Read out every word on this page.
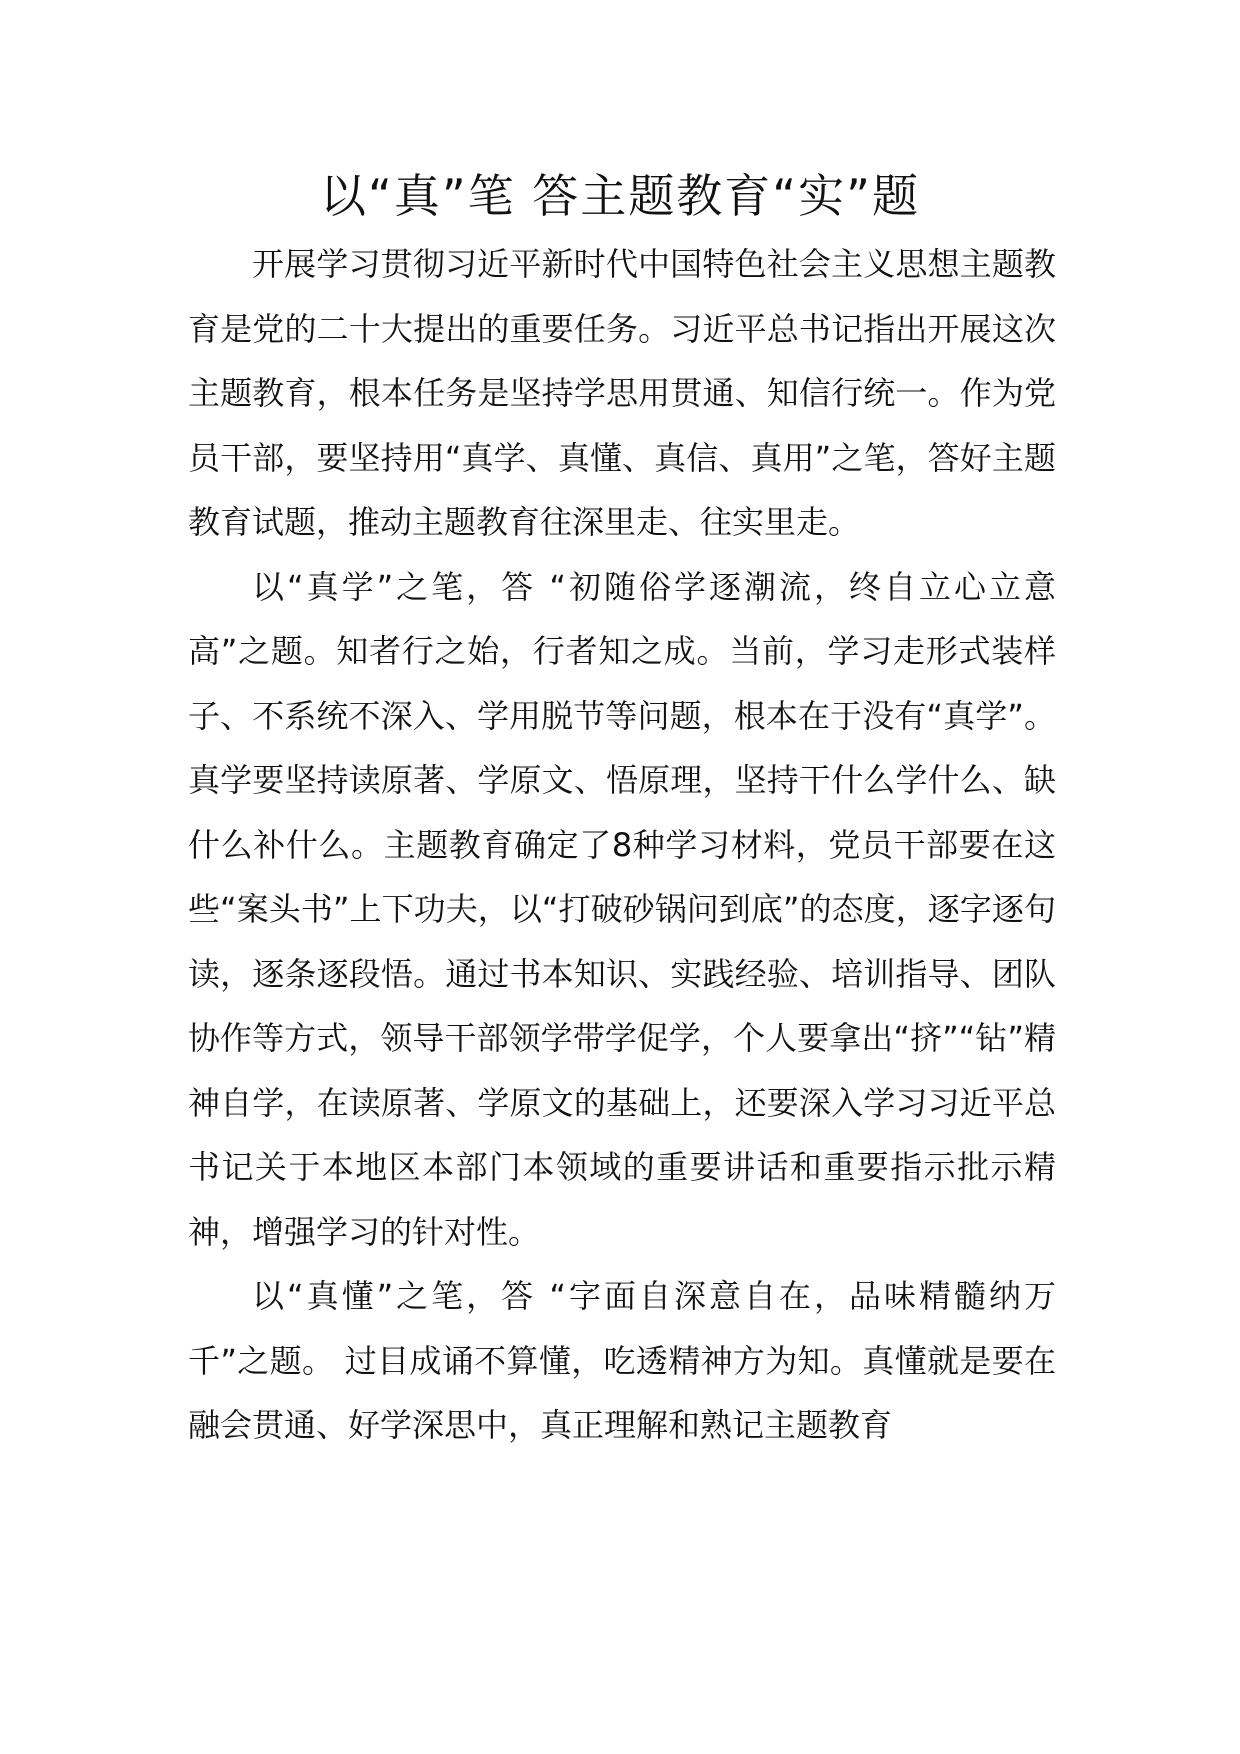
以“真”笔 答主题教育“实”题

开展学习贯彻习近平新时代中国特色社会主义思想主题教育是党的二十大提出的重要任务。习近平总书记指出开展这次主题教育，根本任务是坚持学思用贯通、知信行统一。作为党员干部，要坚持用“真学、真懂、真信、真用”之笔，答好主题教育试题，推动主题教育往深里走、往实里走。

以“真学”之笔，答 “初随俗学逐潮流，终自立心立意高”之题。知者行之始，行者知之成。当前，学习走形式装样子、不系统不深入、学用脱节等问题，根本在于没有“真学”。真学要坚持读原著、学原文、悟原理，坚持干什么学什么、缺什么补什么。主题教育确定了8种学习材料，党员干部要在这些“案头书”上下功夫，以“打破砂锅问到底”的态度，逐字逐句读，逐条逐段悟。通过书本知识、实践经验、培训指导、团队协作等方式，领导干部领学带学促学，个人要拿出“挤”“钻”精神自学，在读原著、学原文的基础上，还要深入学习习近平总书记关于本地区本部门本领域的重要讲话和重要指示批示精神，增强学习的针对性。

以“真懂”之笔，答 “字面自深意自在，品味精髓纳万千”之题。 过目成诵不算懂，吃透精神方为知。真懂就是要在融会贯通、好学深思中，真正理解和熟记主题教育
